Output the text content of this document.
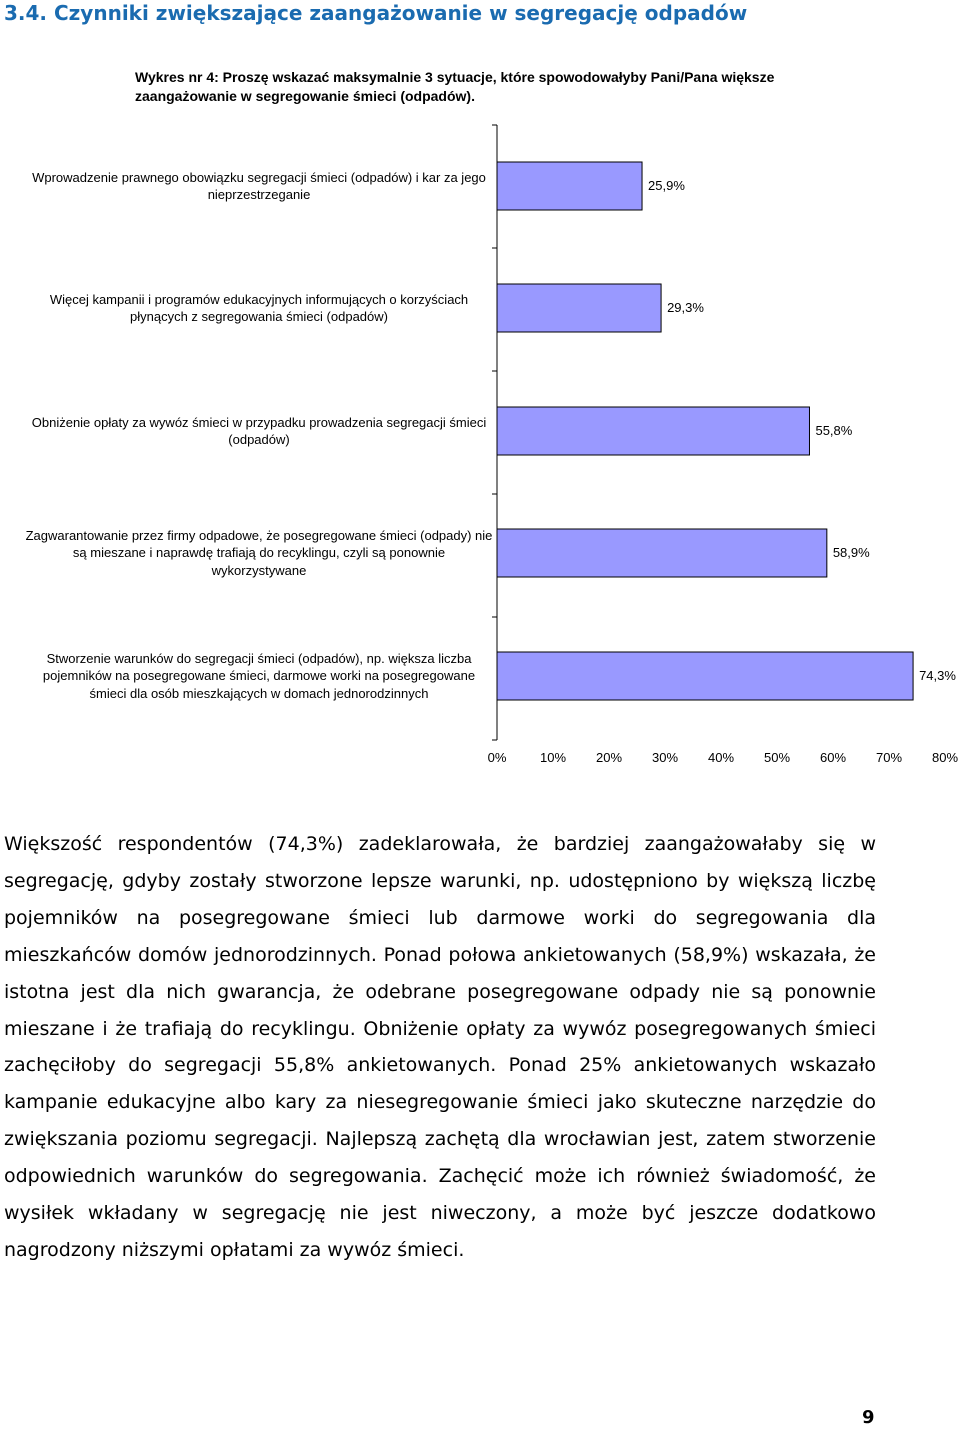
3.4. Czynniki zwiększające zaangażowanie w segregację odpadów

Wykres nr 4: Proszę wskazać maksymalnie 3 sytuacje, które spowodowałyby Pani/Pana większe zaangażowanie w segregowanie śmieci (odpadów).

25,9%
Wprowadzenie prawnego obowiązku segregacji śmieci (odpadów) i kar za jego nieprzestrzeganie
29,3%
Więcej kampanii i programów edukacyjnych informujących o korzyściach płynących z segregowania śmieci (odpadów)
55,8%
Obniżenie opłaty za wywóz śmieci w przypadku prowadzenia segregacji śmieci (odpadów)
58,9%
Zagwarantowanie przez firmy odpadowe, że posegregowane śmieci (odpady) nie są mieszane i naprawdę trafiają do recyklingu, czyli są ponownie wykorzystywane
74,3%
Stworzenie warunków do segregacji śmieci (odpadów), np. większa liczba pojemników na posegregowane śmieci, darmowe worki na posegregowane śmieci dla osób mieszkających w domach jednorodzinnych
0%	10%	20%	30%	40%	50%	60%	70%	80%

Większość respondentów (74,3%) zadeklarowała, że bardziej zaangażowałaby się w segregację, gdyby zostały stworzone lepsze warunki, np. udostępniono by większą liczbę pojemników na posegregowane śmieci lub darmowe worki do segregowania dla mieszkańców domów jednorodzinnych. Ponad połowa ankietowanych (58,9%) wskazała, że istotna jest dla nich gwarancja, że odebrane posegregowane odpady nie są ponownie mieszane i że trafiają do recyklingu. Obniżenie opłaty za wywóz posegregowanych śmieci zachęciłoby do segregacji 55,8% ankietowanych. Ponad 25% ankietowanych wskazało kampanie edukacyjne albo kary za niesegregowanie śmieci jako skuteczne narzędzie do zwiększania poziomu segregacji. Najlepszą zachętą dla wrocławian jest, zatem stworzenie odpowiednich warunków do segregowania. Zachęcić może ich również świadomość, że wysiłek wkładany w segregację nie jest niweczony, a może być jeszcze dodatkowo nagrodzony niższymi opłatami za wywóz śmieci.

9
